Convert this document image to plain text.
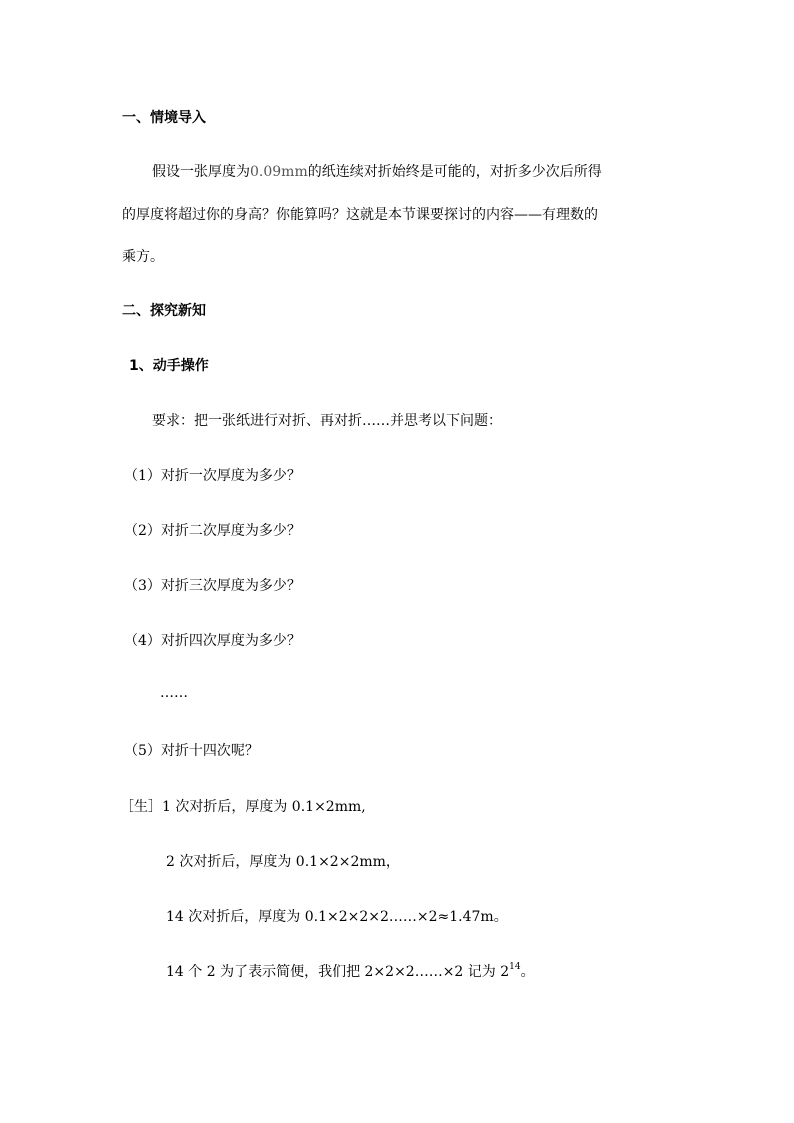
一、情境导入
假设一张厚度为0.09mm的纸连续对折始终是可能的，对折多少次后所得
的厚度将超过你的身高？你能算吗？这就是本节课要探讨的内容——有理数的
乘方。
二、探究新知
1、动手操作
要求：把一张纸进行对折、再对折……并思考以下问题：
（1）对折一次厚度为多少？
（2）对折二次厚度为多少？
（3）对折三次厚度为多少？
（4）对折四次厚度为多少？
……
（5）对折十四次呢？
［生］1 次对折后，厚度为 0.1×2mm,
2 次对折后，厚度为 0.1×2×2mm，
14 次对折后，厚度为 0.1×2×2×2……×2≈1.47m。
14 个 2 为了表示简便，我们把 2×2×2……×2 记为 $2^{14}$。
